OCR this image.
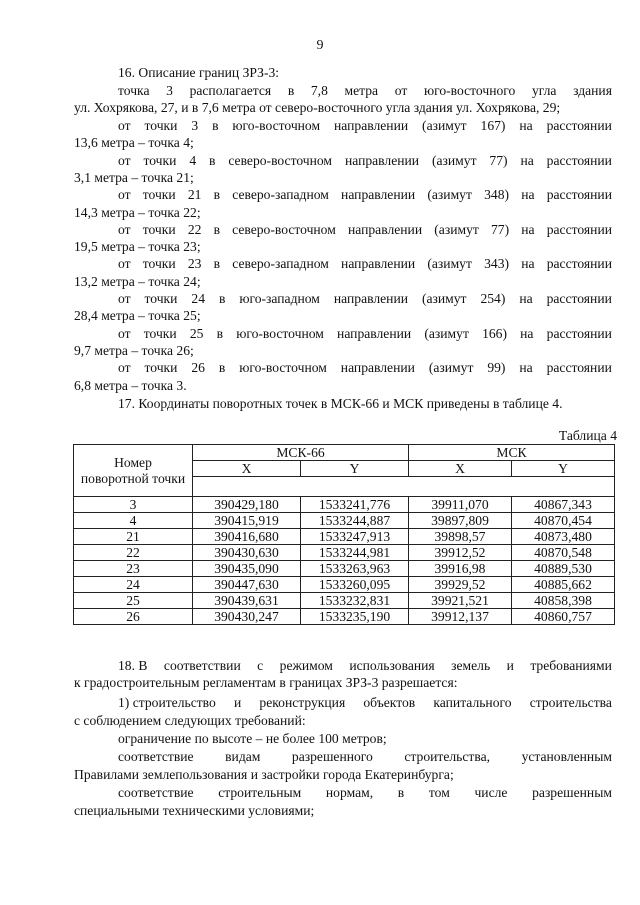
9
16. Описание границ ЗРЗ-3:
точка 3 располагается в 7,8 метра от юго-восточного угла здания
ул. Хохрякова, 27, и в 7,6 метра от северо-восточного угла здания ул. Хохрякова, 29;
от точки 3 в юго-восточном направлении (азимут 167) на расстоянии
13,6 метра – точка 4;
от точки 4 в северо-восточном направлении (азимут 77) на расстоянии
3,1 метра – точка 21;
от точки 21 в северо-западном направлении (азимут 348) на расстоянии
14,3 метра – точка 22;
от точки 22 в северо-восточном направлении (азимут 77) на расстоянии
19,5 метра – точка 23;
от точки 23 в северо-западном направлении (азимут 343) на расстоянии
13,2 метра – точка 24;
от точки 24 в юго-западном направлении (азимут 254) на расстоянии
28,4 метра – точка 25;
от точки 25 в юго-восточном направлении (азимут 166) на расстоянии
9,7 метра – точка 26;
от точки 26 в юго-восточном направлении (азимут 99) на расстоянии
6,8 метра – точка 3.
17. Координаты поворотных точек в МСК-66 и МСК приведены в таблице 4.
Таблица 4
Номер поворотной точки	МСК-66		МСК	
	X	Y	X	Y

3	390429,180	1533241,776	39911,070	40867,343
4	390415,919	1533244,887	39897,809	40870,454
21	390416,680	1533247,913	39898,57	40873,480
22	390430,630	1533244,981	39912,52	40870,548
23	390435,090	1533263,963	39916,98	40889,530
24	390447,630	1533260,095	39929,52	40885,662
25	390439,631	1533232,831	39921,521	40858,398
26	390430,247	1533235,190	39912,137	40860,757
18. В соответствии с режимом использования земель и требованиями
к градостроительным регламентам в границах ЗРЗ-3 разрешается:
1) строительство и реконструкция объектов капитального строительства
с соблюдением следующих требований:
ограничение по высоте – не более 100 метров;
соответствие видам разрешенного строительства, установленным
Правилами землепользования и застройки города Екатеринбурга;
соответствие строительным нормам, в том числе разрешенным
специальными техническими условиями;
